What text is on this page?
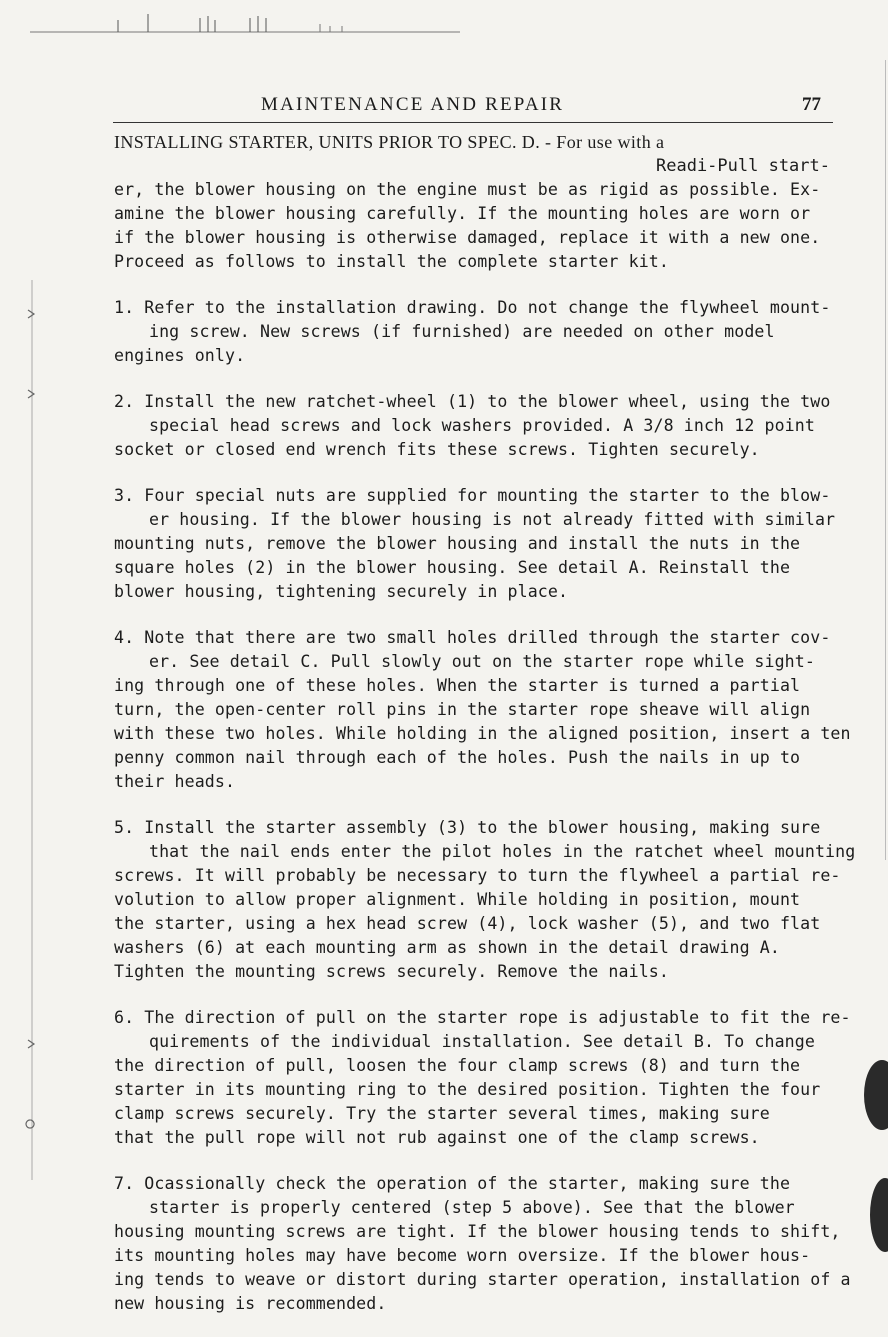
MAINTENANCE AND REPAIR	77
INSTALLING STARTER, UNITS PRIOR TO SPEC. D. - For use with a
Readi-Pull start-

er, the blower housing on the engine must be as rigid as possible. Ex-

amine the blower housing carefully. If the mounting holes are worn or

if the blower housing is otherwise damaged, replace it with a new one.

Proceed as follows to install the complete starter kit.

1. Refer to the installation drawing. Do not change the flywheel mount-

ing screw. New screws (if furnished) are needed on other model

engines only.

2. Install the new ratchet-wheel (1) to the blower wheel, using the two

special head screws and lock washers provided. A 3/8 inch 12 point

socket or closed end wrench fits these screws. Tighten securely.

3. Four special nuts are supplied for mounting the starter to the blow-

er housing. If the blower housing is not already fitted with similar

mounting nuts, remove the blower housing and install the nuts in the

square holes (2) in the blower housing. See detail A. Reinstall the

blower housing, tightening securely in place.

4. Note that there are two small holes drilled through the starter cov-

er. See detail C. Pull slowly out on the starter rope while sight-

ing through one of these holes. When the starter is turned a partial

turn, the open-center roll pins in the starter rope sheave will align

with these two holes. While holding in the aligned position, insert a ten

penny common nail through each of the holes. Push the nails in up to

their heads.

5. Install the starter assembly (3) to the blower housing, making sure

that the nail ends enter the pilot holes in the ratchet wheel mounting

screws. It will probably be necessary to turn the flywheel a partial re-

volution to allow proper alignment. While holding in position, mount

the starter, using a hex head screw (4), lock washer (5), and two flat

washers (6) at each mounting arm as shown in the detail drawing A.

Tighten the mounting screws securely. Remove the nails.

6. The direction of pull on the starter rope is adjustable to fit the re-

quirements of the individual installation. See detail B. To change

the direction of pull, loosen the four clamp screws (8) and turn the

starter in its mounting ring to the desired position. Tighten the four

clamp screws securely. Try the starter several times, making sure

that the pull rope will not rub against one of the clamp screws.

7. Ocassionally check the operation of the starter, making sure the

starter is properly centered (step 5 above). See that the blower

housing mounting screws are tight. If the blower housing tends to shift,

its mounting holes may have become worn oversize. If the blower hous-

ing tends to weave or distort during starter operation, installation of a

new housing is recommended.
